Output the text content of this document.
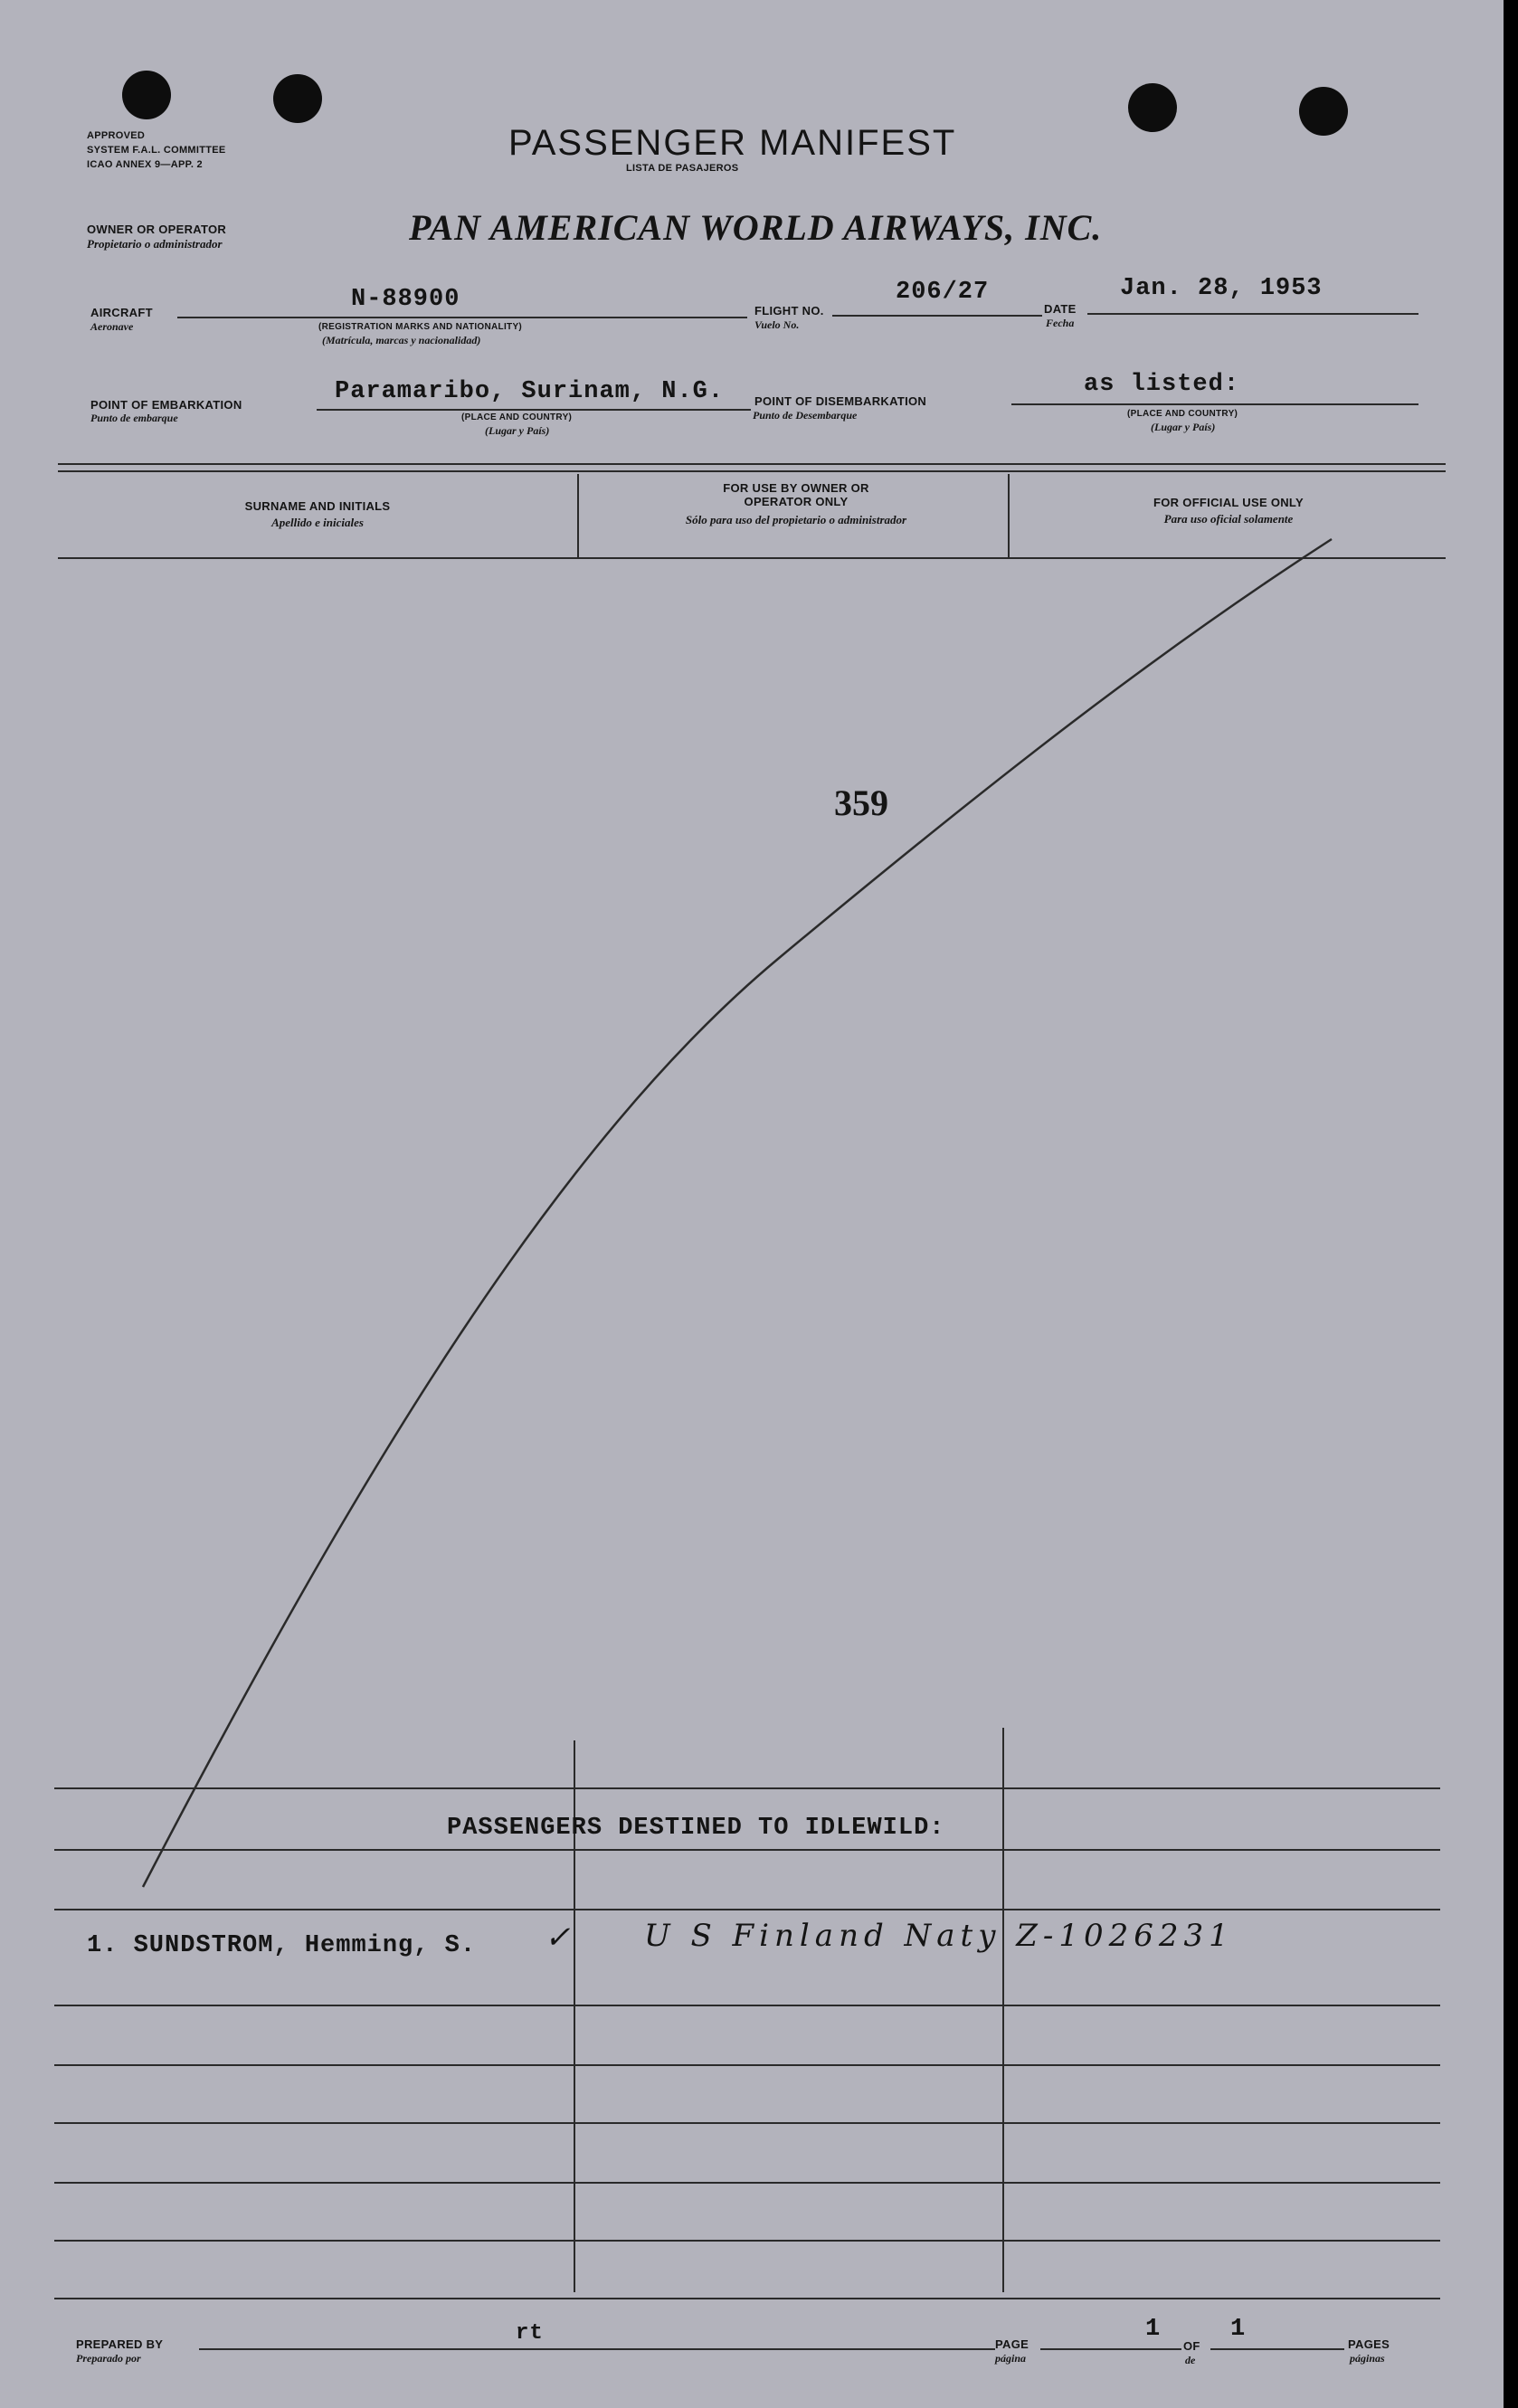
APPROVED
SYSTEM F.A.L. COMMITTEE
ICAO ANNEX 9—APP. 2
PASSENGER MANIFEST
LISTA DE PASAJEROS
OWNER OR OPERATOR
Propietario o administrador	PAN AMERICAN WORLD AIRWAYS, INC.
AIRCRAFT
Aeronave
N-88900
(REGISTRATION MARKS AND NATIONALITY)
(Matrícula, marcas y nacionalidad)
FLIGHT NO.
Vuelo No.
206/27
DATE
Fecha
Jan. 28, 1953
POINT OF EMBARKATION
Punto de embarque
Paramaribo, Surinam, N.G.
(PLACE AND COUNTRY)
(Lugar y País)
POINT OF DISEMBARKATION
Punto de Desembarque
as listed:
(PLACE AND COUNTRY)
(Lugar y País)
SURNAME AND INITIALS
Apellido e iniciales
FOR USE BY OWNER OR OPERATOR ONLY
Sólo para uso del propietario o administrador
FOR OFFICIAL USE ONLY
Para uso oficial solamente
359
PASSENGERS DESTINED TO IDLEWILD:
1. SUNDSTROM, Hemming, S. ✓ U S Finland Naty Z-1026231
PREPARED BY
Preparado por
rt	PAGE
página
1
OF
de
1
PAGES
páginas
